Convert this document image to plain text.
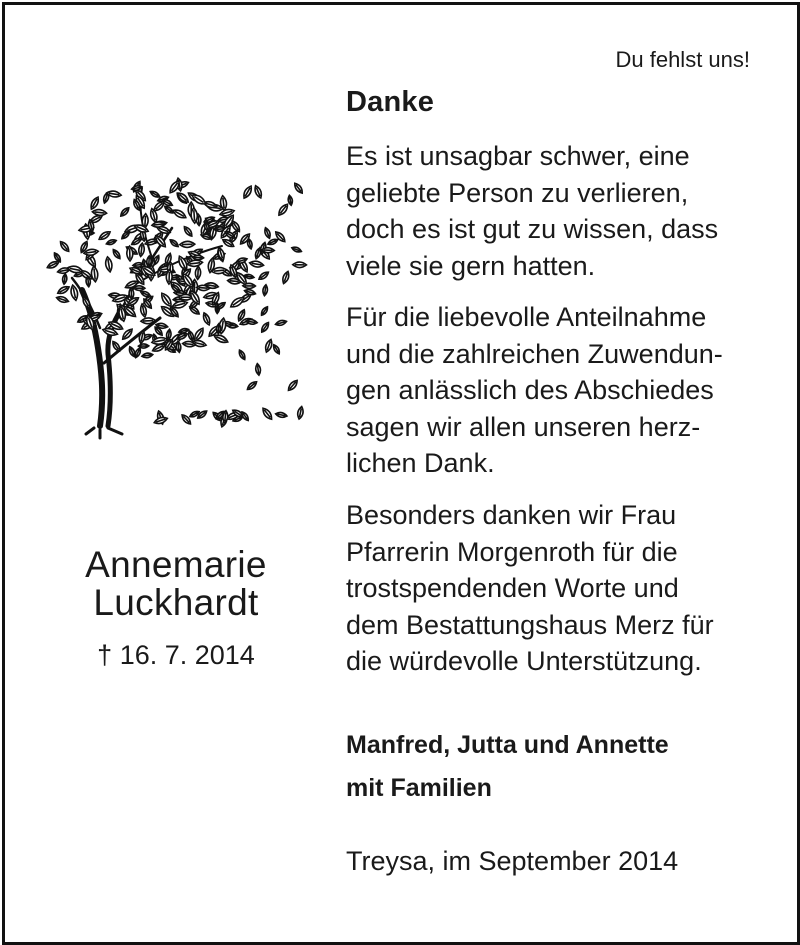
Du fehlst uns!

Danke

Es ist unsagbar schwer, eine
geliebte Person zu verlieren,
doch es ist gut zu wissen, dass
viele sie gern hatten.

Für die liebevolle Anteilnahme
und die zahlreichen Zuwendun-
gen anlässlich des Abschiedes
sagen wir allen unseren herz-
lichen Dank.

Besonders danken wir Frau
Pfarrerin Morgenroth für die
trostspendenden Worte und
dem Bestattungshaus Merz für
die würdevolle Unterstützung.

Manfred, Jutta und Annette
mit Familien

Treysa, im September 2014

Annemarie
Luckhardt

† 16. 7. 2014
